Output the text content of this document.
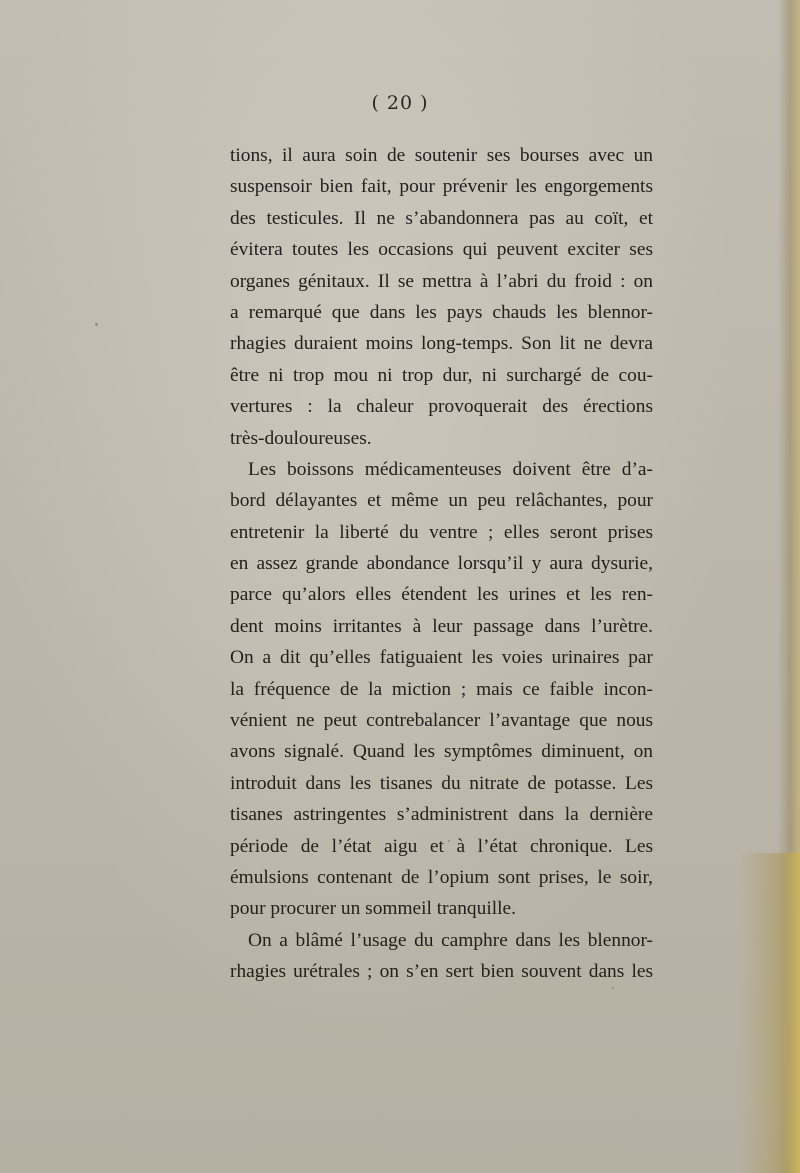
( 20 )
tions, il aura soin de soutenir ses bourses avec un
suspensoir bien fait, pour prévenir les engorgements
des testicules. Il ne s’abandonnera pas au coït, et
évitera toutes les occasions qui peuvent exciter ses
organes génitaux. Il se mettra à l’abri du froid : on
a remarqué que dans les pays chauds les blennor-
rhagies duraient moins long-temps. Son lit ne devra
être ni trop mou ni trop dur, ni surchargé de cou-
vertures : la chaleur provoquerait des érections
très-douloureuses.
Les boissons médicamenteuses doivent être d’a-
bord délayantes et même un peu relâchantes, pour
entretenir la liberté du ventre ; elles seront prises
en assez grande abondance lorsqu’il y aura dysurie,
parce qu’alors elles étendent les urines et les ren-
dent moins irritantes à leur passage dans l’urètre.
On a dit qu’elles fatiguaient les voies urinaires par
la fréquence de la miction ; mais ce faible incon-
vénient ne peut contrebalancer l’avantage que nous
avons signalé. Quand les symptômes diminuent, on
introduit dans les tisanes du nitrate de potasse. Les
tisanes astringentes s’administrent dans la dernière
période de l’état aigu et à l’état chronique. Les
émulsions contenant de l’opium sont prises, le soir,
pour procurer un sommeil tranquille.
On a blâmé l’usage du camphre dans les blennor-
rhagies urétrales ; on s’en sert bien souvent dans les
